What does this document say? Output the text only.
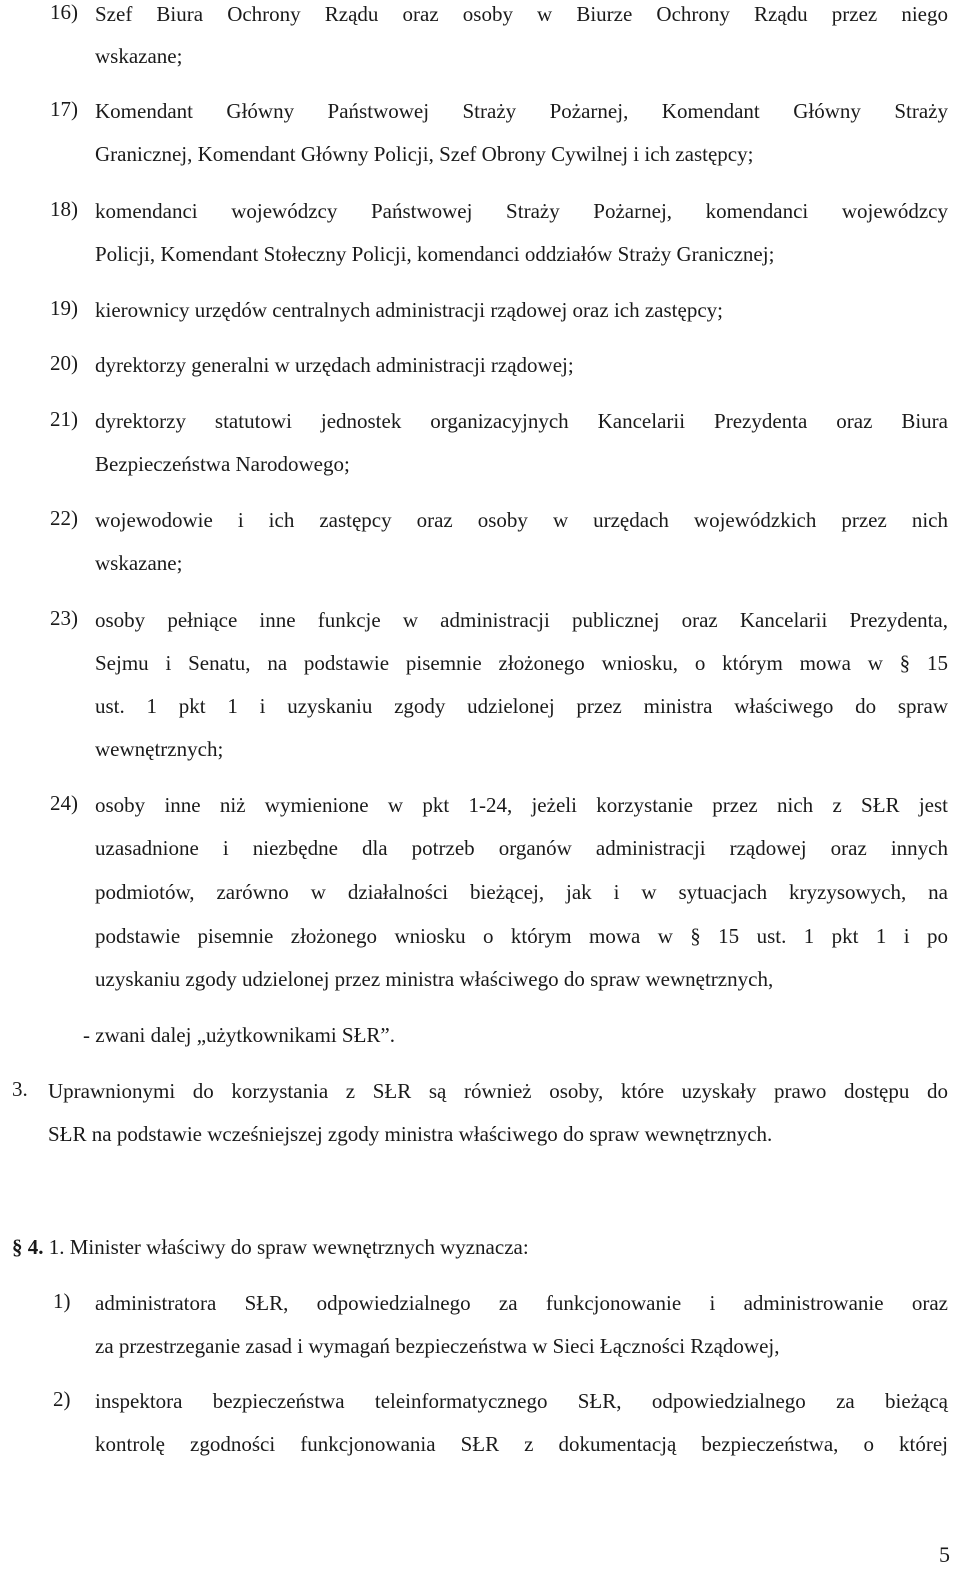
16) Szef Biura Ochrony Rządu oraz osoby w Biurze Ochrony Rządu przez niego
wskazane;
17) Komendant Główny Państwowej Straży Pożarnej, Komendant Główny Straży
Granicznej, Komendant Główny Policji, Szef Obrony Cywilnej i ich zastępcy;
18) komendanci wojewódzcy Państwowej Straży Pożarnej, komendanci wojewódzcy
Policji, Komendant Stołeczny Policji, komendanci oddziałów Straży Granicznej;
19) kierownicy urzędów centralnych administracji rządowej oraz ich zastępcy;
20) dyrektorzy generalni w urzędach administracji rządowej;
21) dyrektorzy statutowi jednostek organizacyjnych Kancelarii Prezydenta oraz Biura
Bezpieczeństwa Narodowego;
22) wojewodowie i ich zastępcy oraz osoby w urzędach wojewódzkich przez nich
wskazane;
23) osoby pełniące inne funkcje w administracji publicznej oraz Kancelarii Prezydenta,
Sejmu i Senatu, na podstawie pisemnie złożonego wniosku, o którym mowa w § 15
ust. 1 pkt 1 i uzyskaniu zgody udzielonej przez ministra właściwego do spraw
wewnętrznych;
24) osoby inne niż wymienione w pkt 1-24, jeżeli korzystanie przez nich z SŁR jest
uzasadnione i niezbędne dla potrzeb organów administracji rządowej oraz innych
podmiotów, zarówno w działalności bieżącej, jak i w sytuacjach kryzysowych, na
podstawie pisemnie złożonego wniosku o którym mowa w § 15 ust. 1 pkt 1 i po
uzyskaniu zgody udzielonej przez ministra właściwego do spraw wewnętrznych,
- zwani dalej „użytkownikami SŁR”.
3. Uprawnionymi do korzystania z SŁR są również osoby, które uzyskały prawo dostępu do
SŁR na podstawie wcześniejszej zgody ministra właściwego do spraw wewnętrznych.
§ 4. 1. Minister właściwy do spraw wewnętrznych wyznacza:
1) administratora SŁR, odpowiedzialnego za funkcjonowanie i administrowanie oraz
za przestrzeganie zasad i wymagań bezpieczeństwa w Sieci Łączności Rządowej,
2) inspektora bezpieczeństwa teleinformatycznego SŁR, odpowiedzialnego za bieżącą
kontrolę zgodności funkcjonowania SŁR z dokumentacją bezpieczeństwa, o której
5
